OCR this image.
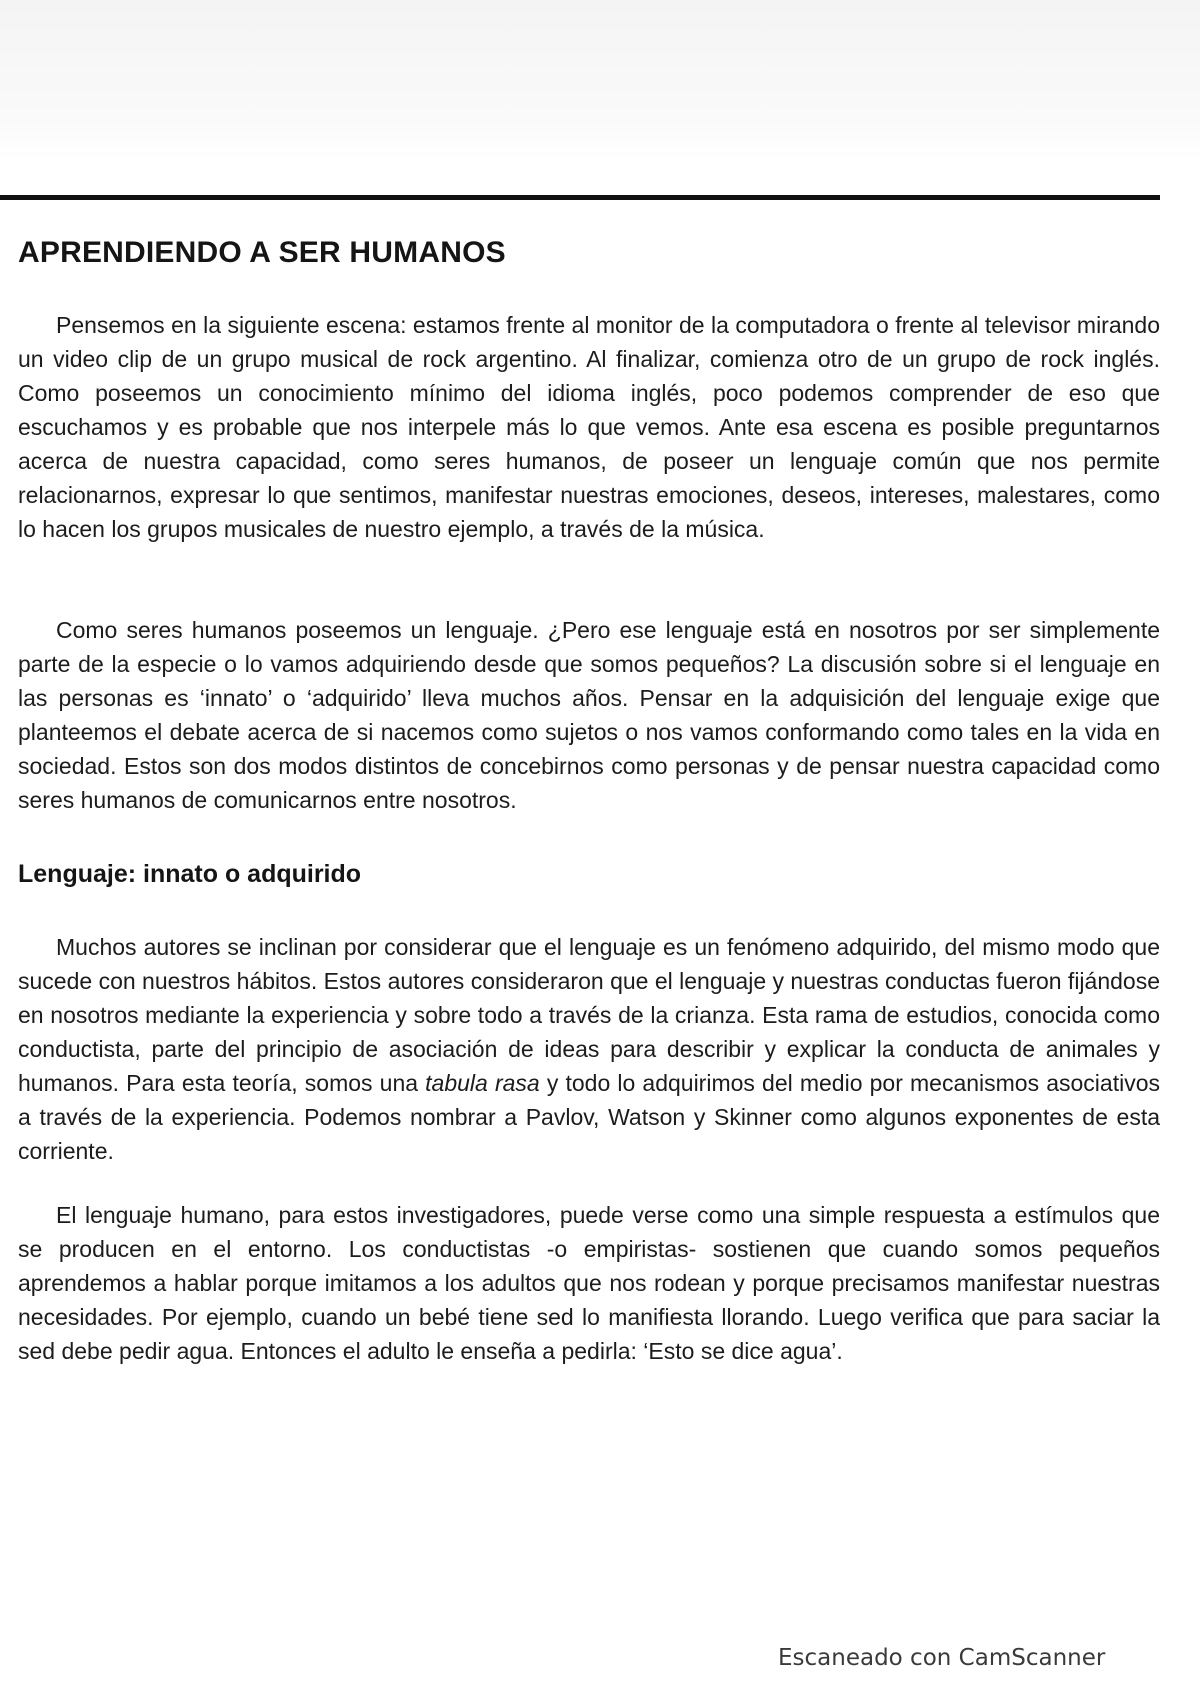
APRENDIENDO A SER HUMANOS

Pensemos en la siguiente escena: estamos frente al monitor de la computadora o frente al televisor mirando un video clip de un grupo musical de rock argentino. Al finalizar, comienza otro de un grupo de rock inglés. Como poseemos un conocimiento mínimo del idioma inglés, poco podemos comprender de eso que escuchamos y es probable que nos interpele más lo que vemos. Ante esa escena es posible preguntarnos acerca de nuestra capacidad, como seres humanos, de poseer un lenguaje común que nos permite relacionarnos, expresar lo que sentimos, manifestar nuestras emociones, deseos, intereses, malestares, como lo hacen los grupos musicales de nuestro ejemplo, a través de la música.

Como seres humanos poseemos un lenguaje. ¿Pero ese lenguaje está en nosotros por ser simplemente parte de la especie o lo vamos adquiriendo desde que somos pequeños? La discusión sobre si el lenguaje en las personas es ‘innato’ o ‘adquirido’ lleva muchos años. Pensar en la adquisición del lenguaje exige que planteemos el debate acerca de si nacemos como sujetos o nos vamos conformando como tales en la vida en sociedad. Estos son dos modos distintos de concebirnos como personas y de pensar nuestra capacidad como seres humanos de comunicarnos entre nosotros.

Lenguaje: innato o adquirido

Muchos autores se inclinan por considerar que el lenguaje es un fenómeno adquirido, del mismo modo que sucede con nuestros hábitos. Estos autores consideraron que el lenguaje y nuestras conductas fueron fijándose en nosotros mediante la experiencia y sobre todo a través de la crianza. Esta rama de estudios, conocida como conductista, parte del principio de asociación de ideas para describir y explicar la conducta de animales y humanos. Para esta teoría, somos una tabula rasa y todo lo adquirimos del medio por mecanismos asociativos a través de la experiencia. Podemos nombrar a Pavlov, Watson y Skinner como algunos exponentes de esta corriente.

El lenguaje humano, para estos investigadores, puede verse como una simple respuesta a estímulos que se producen en el entorno. Los conductistas -o empiristas- sostienen que cuando somos pequeños aprendemos a hablar porque imitamos a los adultos que nos rodean y porque precisamos manifestar nuestras necesidades. Por ejemplo, cuando un bebé tiene sed lo manifiesta llorando. Luego verifica que para saciar la sed debe pedir agua. Entonces el adulto le enseña a pedirla: ‘Esto se dice agua’.

Escaneado con CamScanner
